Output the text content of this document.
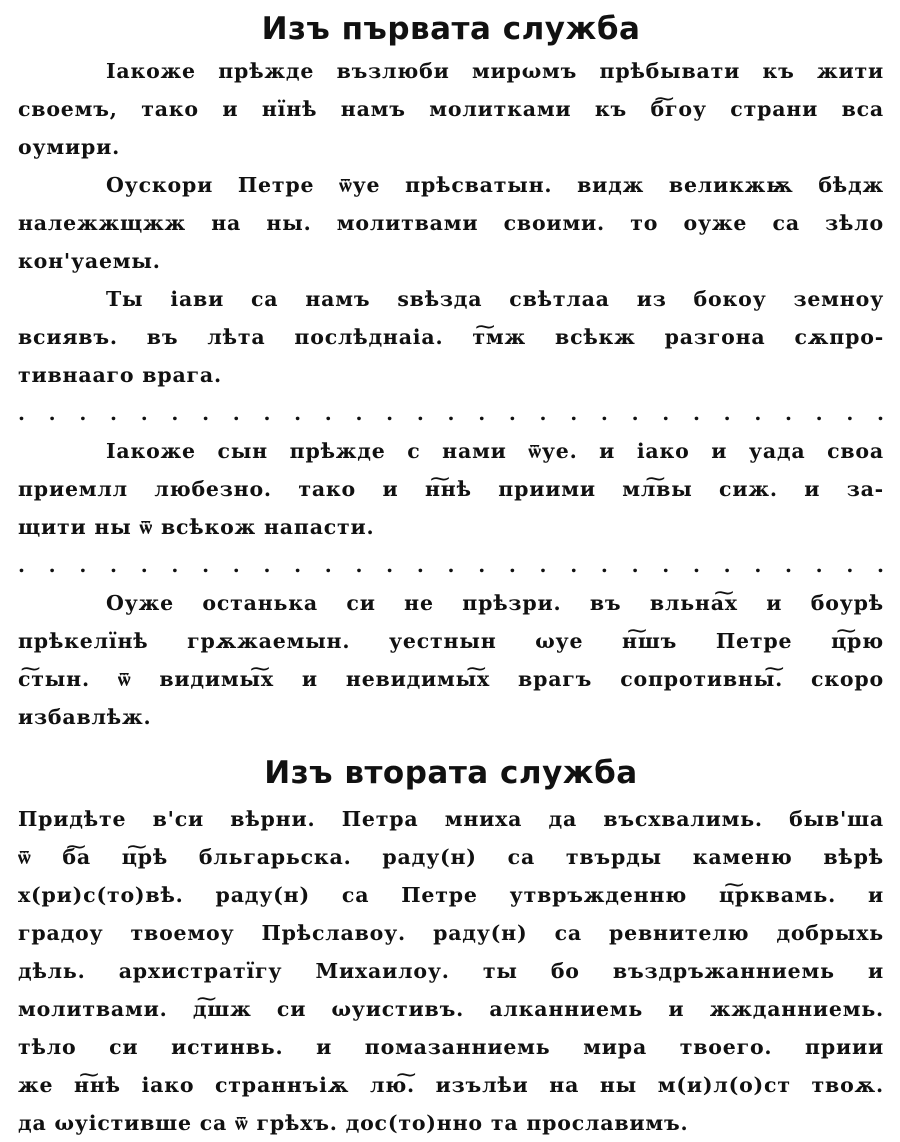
Изъ първата служба
Іакоже прѣжде възлюби мирωмъ прѣбывати къ жити
своемъ, тако и нїнѣ намъ молитками къ б͠гоу страни вса
оумири.
Оускори Петре ѿуе прѣсватын. видж великжѭ бѣдж
належжщжж на ны. молитвами своими. то оуже са зѣло
кон'уаемы.
Ты іави са намъ ѕвѣзда свѣтлаа из бокоу земноу
всиявъ. въ лѣта послѣднаіа. т͠мж всѣкж разгона сѫпро-
тивнааго врага.
. . . . . . . . . . . . . . . . . . . . . . . . . . . . .
Іакоже сын прѣжде с нами ѿуе. и іако и уада своа
приемлл любезно. тако и н͠нѣ приими мл͠вы сиж. и за-
щити ны ѿ всѣкож напасти.
. . . . . . . . . . . . . . . . . . . . . . . . . . . . .
Оуже останька си не прѣзри. въ вльна͠х и боурѣ
прѣкелїнѣ грѫжаемын. уестнын ωуе н͠шъ Петре ц͠рю
с͠тын. ѿ видимы͠х и невидимы͠х врагъ сопротивны͠. скоро
избавлѣж.
Изъ втората служба
Придѣте в'си вѣрни. Петра мниха да въсхвалимь. быв'ша
ѿ б͠а ц͠рѣ бльгарьска. раду(н) са твърды каменю вѣрѣ
х(ри)с(то)вѣ. раду(н) са Петре утвръжденню ц͠рквамь. и
градоу твоемоу Прѣславоу. раду(н) са ревнителю добрыхь
дѣль. архистратїгу Михаилоу. ты бо въздръжанниемь и
молитвами. д͠шж си ωуистивъ. алканниемь и жжданниемь.
тѣло си истинвь. и помазанниемь мира твоего. приии
же н͠нѣ іако страннъіѫ лю͠. изълѣи на ны м(и)л(о)ст твоѫ.
да ωуістивше са ѿ грѣхъ. дос(то)нно та прославимъ.
